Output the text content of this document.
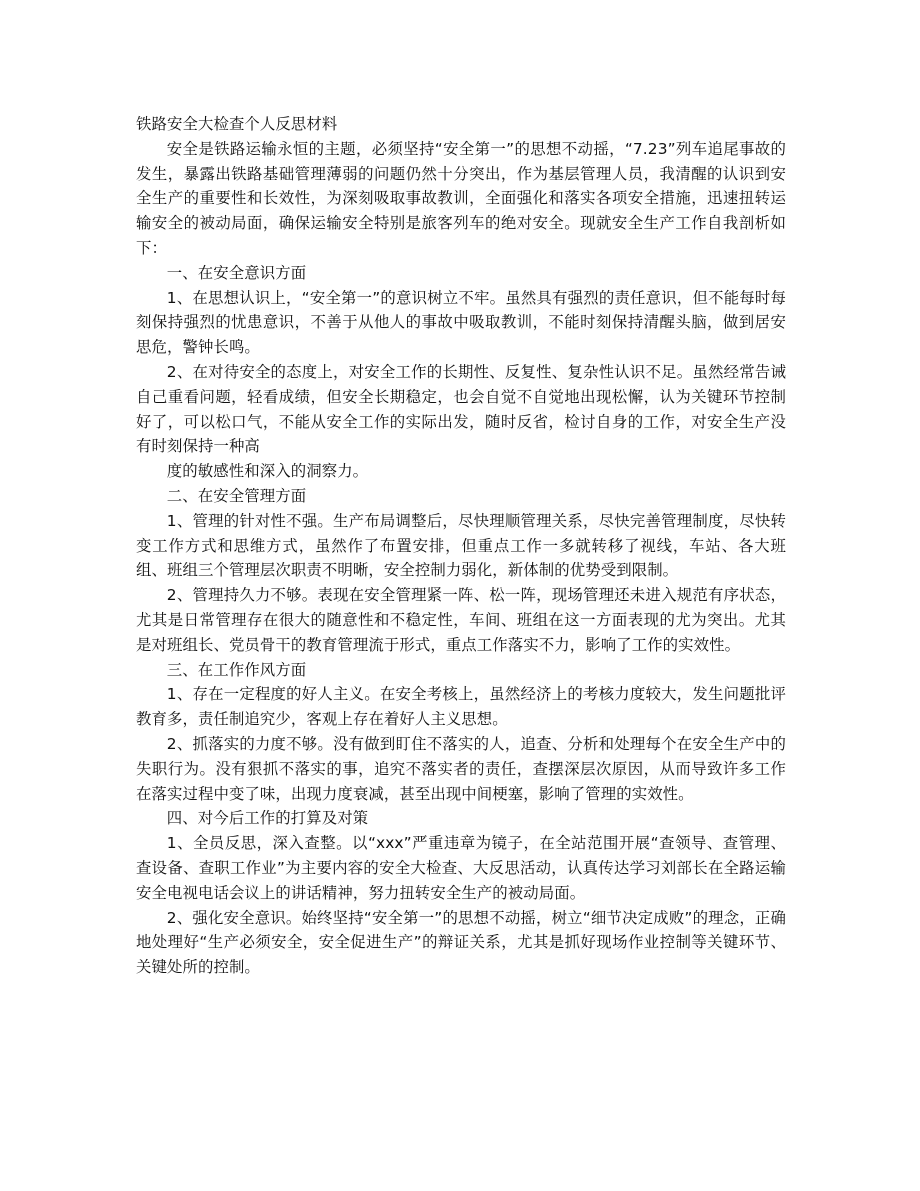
铁路安全大检查个人反思材料

安全是铁路运输永恒的主题，必须坚持“安全第一”的思想不动摇，“7.23”列车追尾事故的发生，暴露出铁路基础管理薄弱的问题仍然十分突出，作为基层管理人员，我清醒的认识到安全生产的重要性和长效性，为深刻吸取事故教训，全面强化和落实各项安全措施，迅速扭转运输安全的被动局面，确保运输安全特别是旅客列车的绝对安全。现就安全生产工作自我剖析如下：

一、在安全意识方面

1、在思想认识上，“安全第一”的意识树立不牢。虽然具有强烈的责任意识，但不能每时每刻保持强烈的忧患意识，不善于从他人的事故中吸取教训，不能时刻保持清醒头脑，做到居安思危，警钟长鸣。

2、在对待安全的态度上，对安全工作的长期性、反复性、复杂性认识不足。虽然经常告诫自己重看问题，轻看成绩，但安全长期稳定，也会自觉不自觉地出现松懈，认为关键环节控制好了，可以松口气，不能从安全工作的实际出发，随时反省，检讨自身的工作，对安全生产没有时刻保持一种高

度的敏感性和深入的洞察力。

二、在安全管理方面

1、管理的针对性不强。生产布局调整后，尽快理顺管理关系，尽快完善管理制度，尽快转变工作方式和思维方式，虽然作了布置安排，但重点工作一多就转移了视线，车站、各大班组、班组三个管理层次职责不明晰，安全控制力弱化，新体制的优势受到限制。

2、管理持久力不够。表现在安全管理紧一阵、松一阵，现场管理还未进入规范有序状态，尤其是日常管理存在很大的随意性和不稳定性，车间、班组在这一方面表现的尤为突出。尤其是对班组长、党员骨干的教育管理流于形式，重点工作落实不力，影响了工作的实效性。

三、在工作作风方面

1、存在一定程度的好人主义。在安全考核上，虽然经济上的考核力度较大，发生问题批评教育多，责任制追究少，客观上存在着好人主义思想。

2、抓落实的力度不够。没有做到盯住不落实的人，追查、分析和处理每个在安全生产中的失职行为。没有狠抓不落实的事，追究不落实者的责任，查摆深层次原因，从而导致许多工作在落实过程中变了味，出现力度衰减，甚至出现中间梗塞，影响了管理的实效性。

四、对今后工作的打算及对策

1、全员反思，深入查整。以“xxx”严重违章为镜子，在全站范围开展“查领导、查管理、查设备、查职工作业”为主要内容的安全大检查、大反思活动，认真传达学习刘部长在全路运输安全电视电话会议上的讲话精神，努力扭转安全生产的被动局面。

2、强化安全意识。始终坚持“安全第一”的思想不动摇，树立“细节决定成败”的理念，正确地处理好“生产必须安全，安全促进生产”的辩证关系，尤其是抓好现场作业控制等关键环节、关键处所的控制。
